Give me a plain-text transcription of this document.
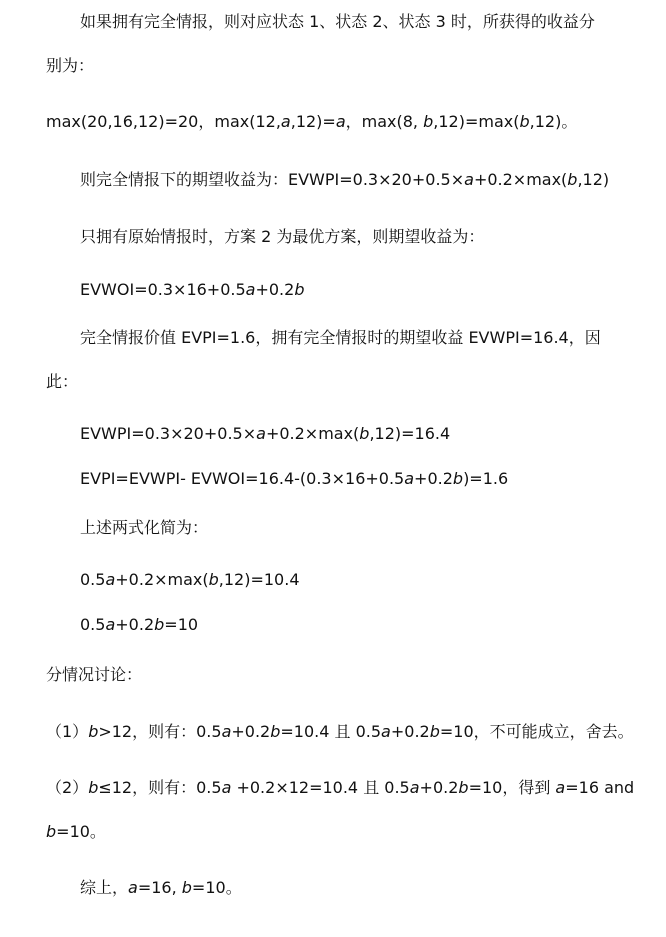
如果拥有完全情报，则对应状态 1、状态 2、状态 3 时，所获得的收益分
别为：
max(20,16,12)=20，max(12,a,12)=a，max(8, b,12)=max(b,12)。
则完全情报下的期望收益为：EVWPI=0.3×20+0.5×a+0.2×max(b,12)
只拥有原始情报时，方案 2 为最优方案，则期望收益为：
EVWOI=0.3×16+0.5a+0.2b
完全情报价值 EVPI=1.6，拥有完全情报时的期望收益 EVWPI=16.4，因
此：
EVWPI=0.3×20+0.5×a+0.2×max(b,12)=16.4
EVPI=EVWPI- EVWOI=16.4-(0.3×16+0.5a+0.2b)=1.6
上述两式化简为：
0.5a+0.2×max(b,12)=10.4
0.5a+0.2b=10
分情况讨论：
（1）b>12，则有：0.5a+0.2b=10.4 且 0.5a+0.2b=10，不可能成立，舍去。
（2）b≤12，则有：0.5a +0.2×12=10.4 且 0.5a+0.2b=10，得到 a=16 and
b=10。
综上，a=16, b=10。
